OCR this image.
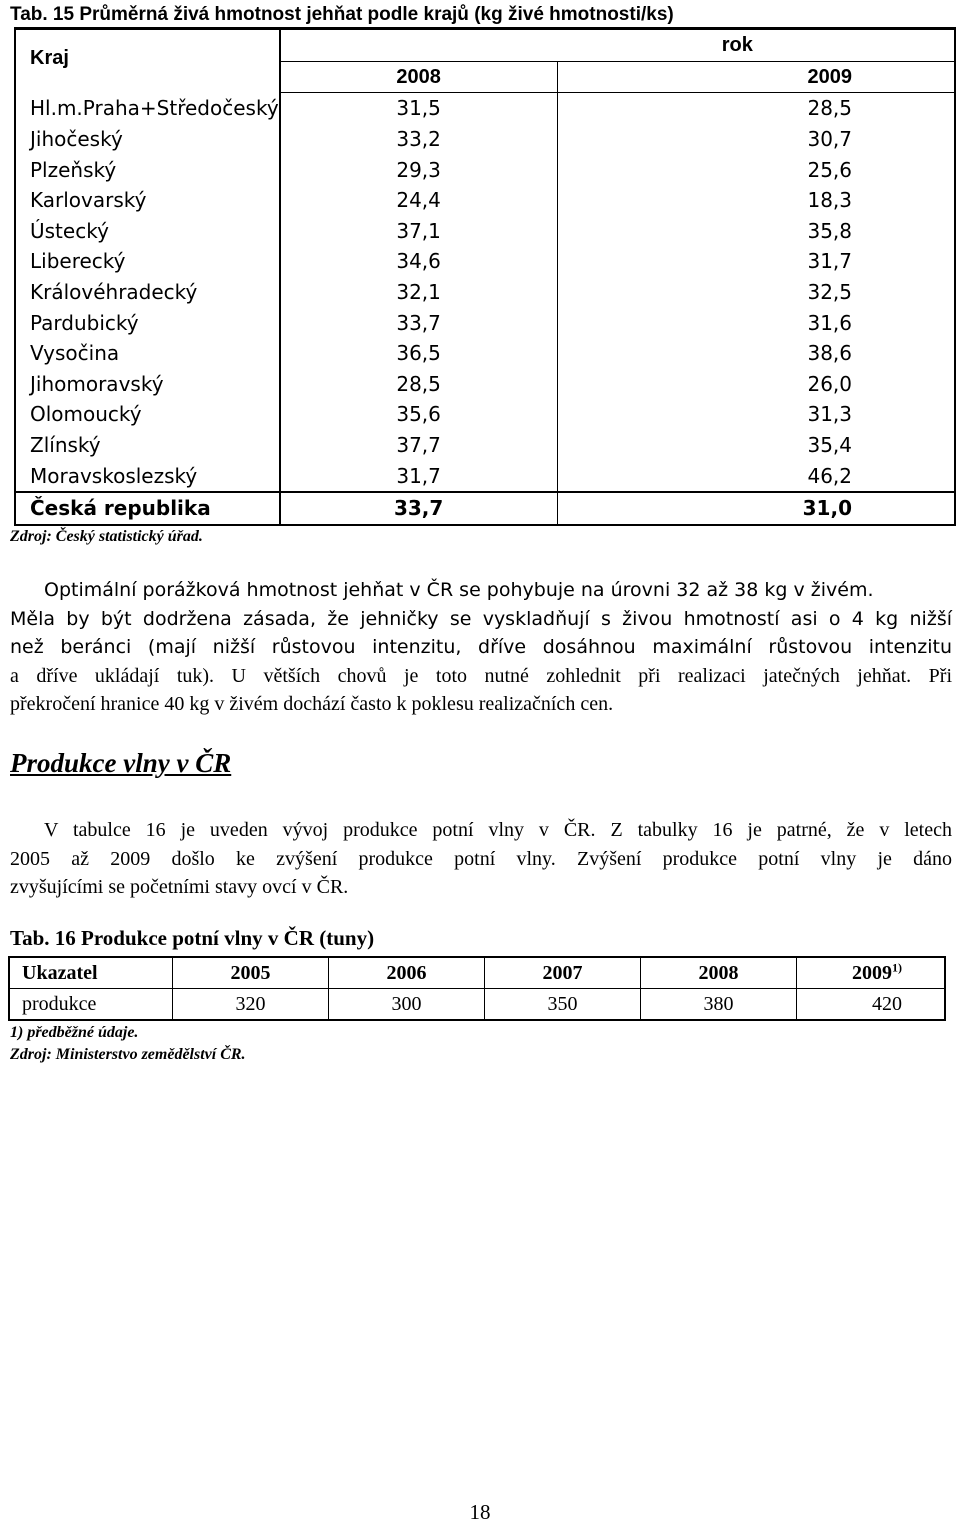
Tab. 15 Průměrná živá hmotnost jehňat podle krajů (kg živé hmotnosti/ks)
Kraj	rok	
	2008	2009
Hl.m.Praha+Středočeský	31,5	28,5
Jihočeský	33,2	30,7
Plzeňský	29,3	25,6
Karlovarský	24,4	18,3
Ústecký	37,1	35,8
Liberecký	34,6	31,7
Královéhradecký	32,1	32,5
Pardubický	33,7	31,6
Vysočina	36,5	38,6
Jihomoravský	28,5	26,0
Olomoucký	35,6	31,3
Zlínský	37,7	35,4
Moravskoslezský	31,7	46,2
Česká republika	33,7	31,0
Zdroj: Český statistický úřad.
Optimální porážková hmotnost jehňat v ČR se pohybuje na úrovni 32 až 38 kg v živém.
Měla by být dodržena zásada, že jehničky se vyskladňují s živou hmotností asi o 4 kg nižší
než beránci (mají nižší růstovou intenzitu, dříve dosáhnou maximální růstovou intenzitu
a dříve ukládají tuk). U větších chovů je toto nutné zohlednit při realizaci jatečných jehňat. Při
překročení hranice 40 kg v živém dochází často k poklesu realizačních cen.
Produkce vlny v ČR
V tabulce 16 je uveden vývoj produkce potní vlny v ČR. Z tabulky 16 je patrné, že v letech
2005 až 2009 došlo ke zvýšení produkce potní vlny. Zvýšení produkce potní vlny je dáno
zvyšujícími se početními stavy ovcí v ČR.
Tab. 16 Produkce potní vlny v ČR (tuny)
Ukazatel	2005	2006	2007	2008	2009$^{1)}$
produkce	320	300	350	380	420
1) předběžné údaje.
Zdroj: Ministerstvo zemědělství ČR.
18
